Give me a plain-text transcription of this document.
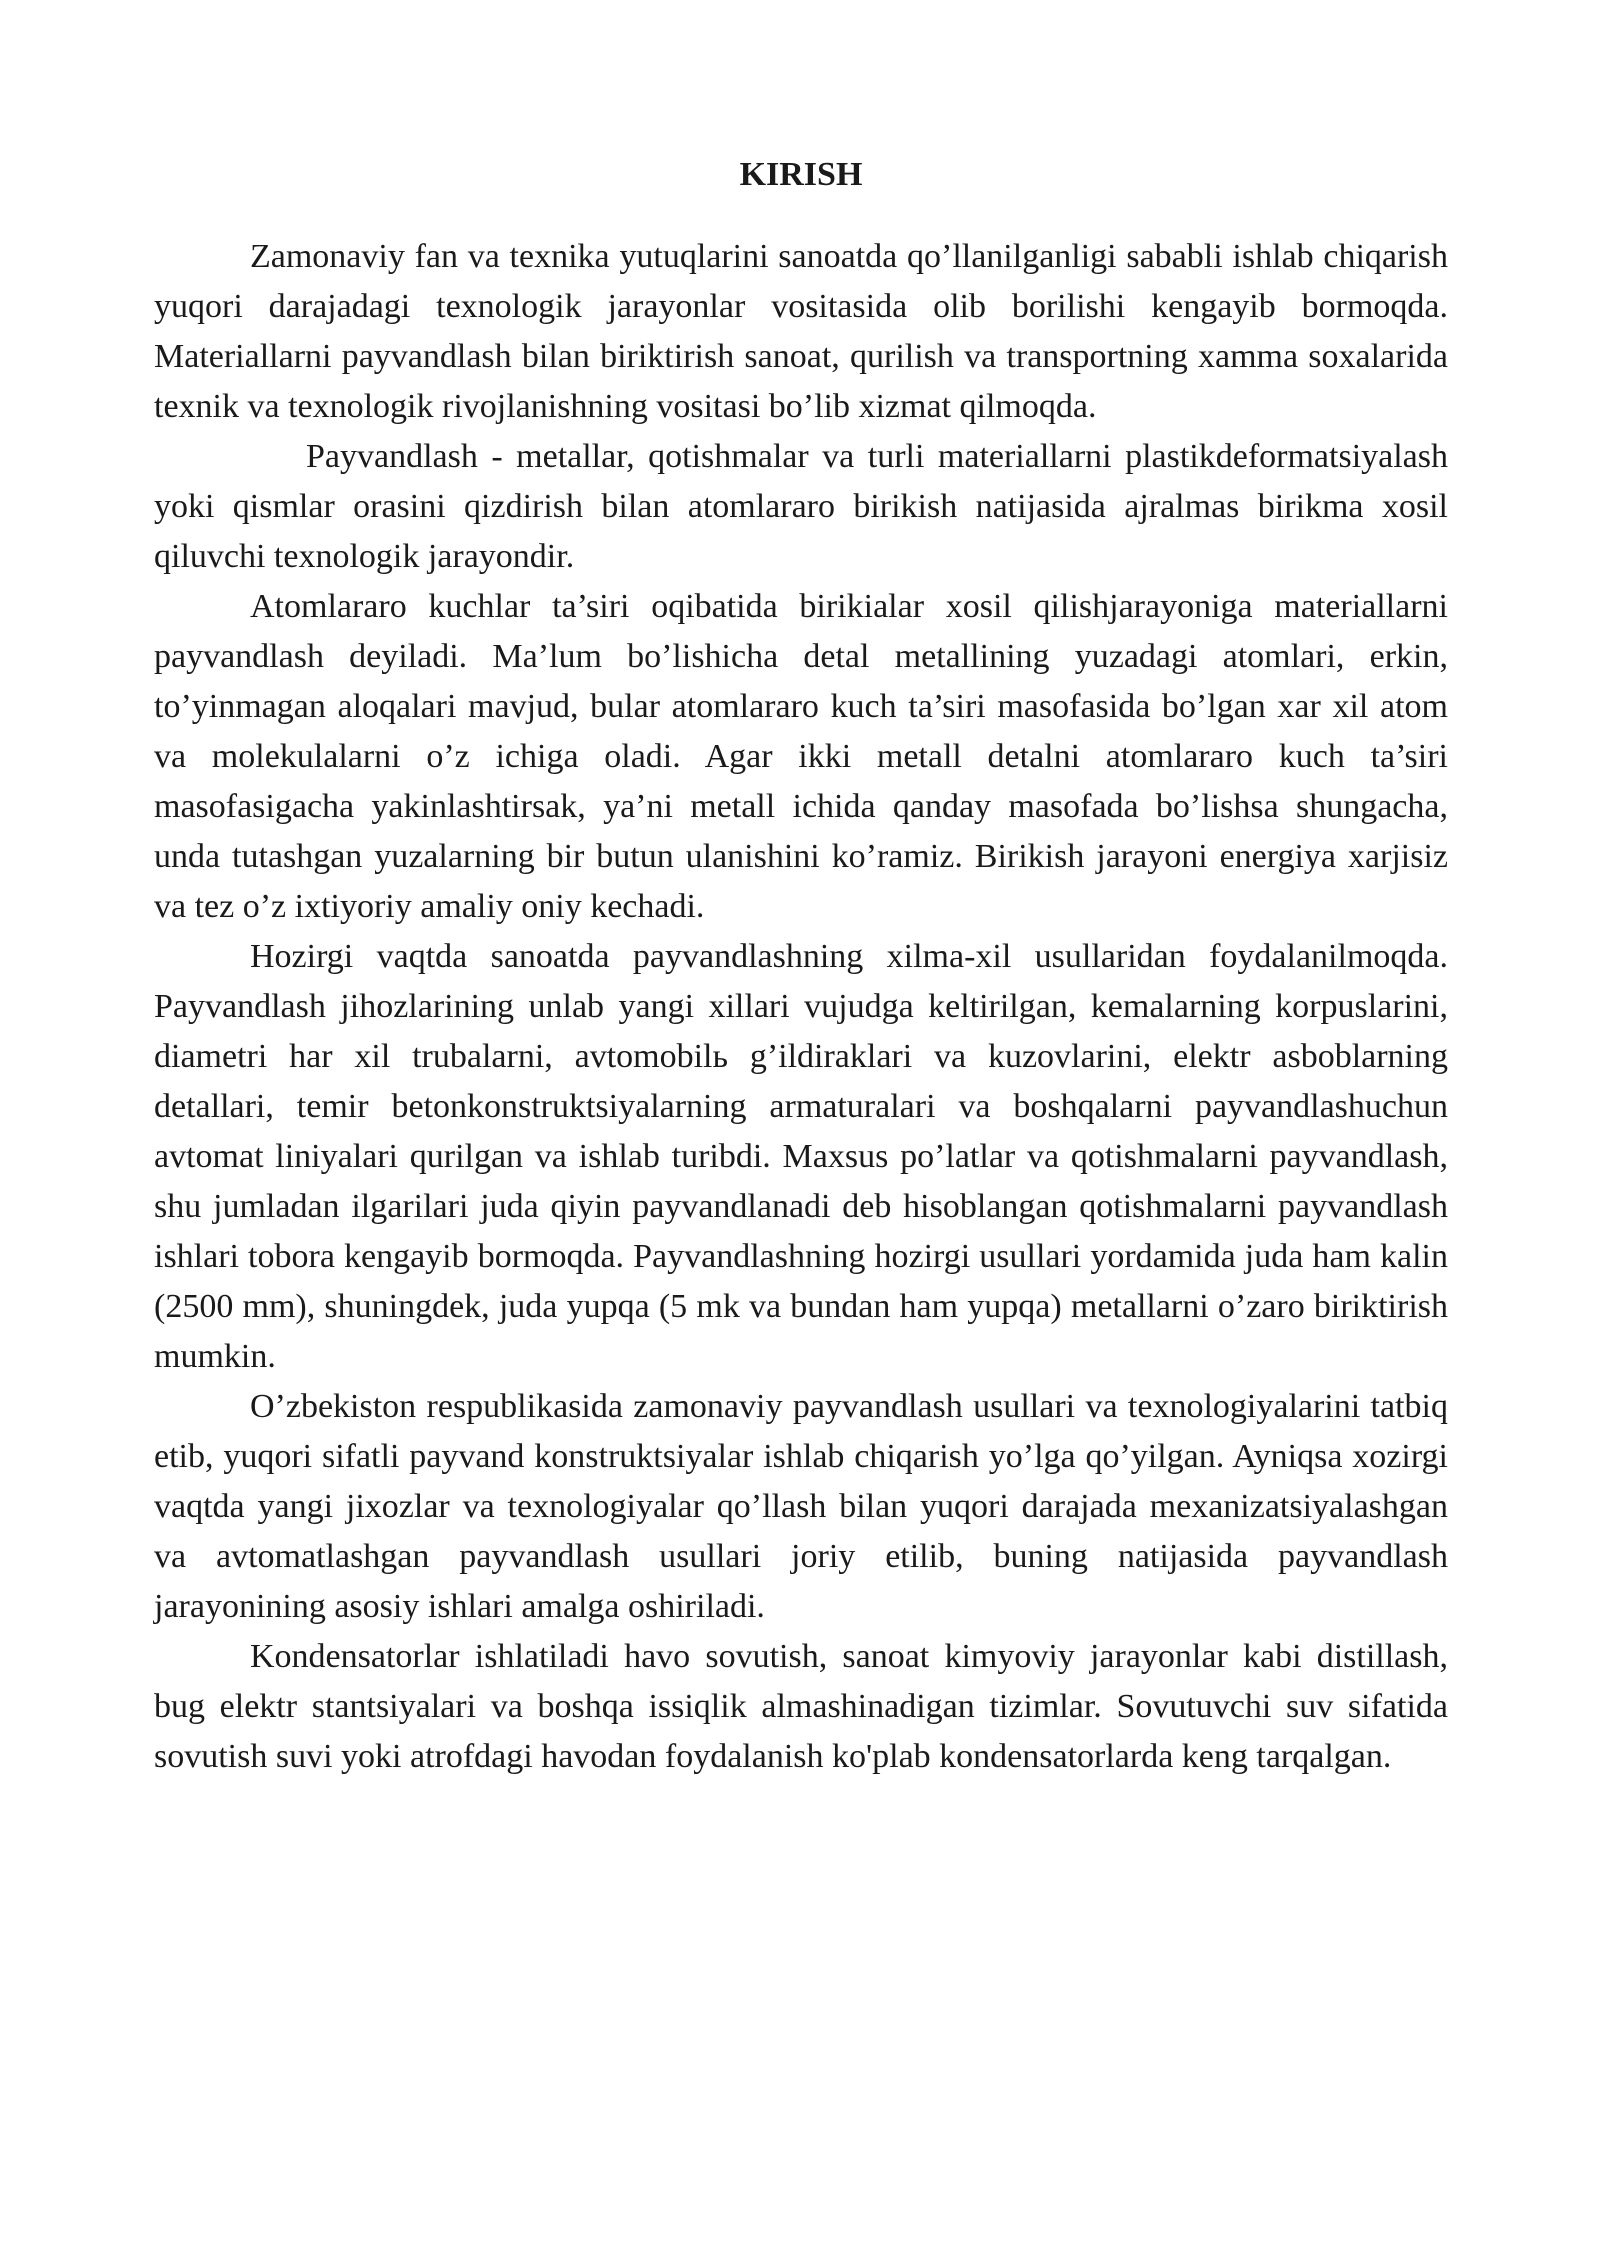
KIRISH

Zamonaviy fan va texnika yutuqlarini sanoatda qo’llanilganligi sababli ishlab chiqarish yuqori darajadagi texnologik jarayonlar vositasida olib borilishi kengayib bormoqda. Materiallarni payvandlash bilan biriktirish sanoat, qurilish va transportning xamma soxalarida texnik va texnologik rivojlanishning vositasi bo’lib xizmat qilmoqda.

Payvandlash - metallar, qotishmalar va turli materiallarni plastikdeformatsiyalash yoki qismlar orasini qizdirish bilan atomlararo birikish natijasida ajralmas birikma xosil qiluvchi texnologik jarayondir.

Atomlararo kuchlar ta’siri oqibatida birikialar xosil qilishjarayoniga materiallarni payvandlash deyiladi. Ma’lum bo’lishicha detal metallining yuzadagi atomlari, erkin, to’yinmagan aloqalari mavjud, bular atomlararo kuch ta’siri masofasida bo’lgan xar xil atom va molekulalarni o’z ichiga oladi. Agar ikki metall detalni atomlararo kuch ta’siri masofasigacha yakinlashtirsak, ya’ni metall ichida qanday masofada bo’lishsa shungacha, unda tutashgan yuzalarning bir butun ulanishini ko’ramiz. Birikish jarayoni energiya xarjisiz va tez o’z ixtiyoriy amaliy oniy kechadi.

Hozirgi vaqtda sanoatda payvandlashning xilma-xil usullaridan foydalanilmoqda. Payvandlash jihozlarining unlab yangi xillari vujudga keltirilgan, kemalarning korpuslarini, diametri har xil trubalarni, avtomobilь g’ildiraklari va kuzovlarini, elektr asboblarning detallari, temir betonkonstruktsiyalarning armaturalari va boshqalarni payvandlashuchun avtomat liniyalari qurilgan va ishlab turibdi. Maxsus po’latlar va qotishmalarni payvandlash, shu jumladan ilgarilari juda qiyin payvandlanadi deb hisoblangan qotishmalarni payvandlash ishlari tobora kengayib bormoqda. Payvandlashning hozirgi usullari yordamida juda ham kalin (2500 mm), shuningdek, juda yupqa (5 mk va bundan ham yupqa) metallarni o’zaro biriktirish mumkin.

O’zbekiston respublikasida zamonaviy payvandlash usullari va texnologiyalarini tatbiq etib, yuqori sifatli payvand konstruktsiyalar ishlab chiqarish yo’lga qo’yilgan. Ayniqsa xozirgi vaqtda yangi jixozlar va texnologiyalar qo’llash bilan yuqori darajada mexanizatsiyalashgan va avtomatlashgan payvandlash usullari joriy etilib, buning natijasida payvandlash jarayonining asosiy ishlari amalga oshiriladi.

Kondensatorlar ishlatiladi havo sovutish, sanoat kimyoviy jarayonlar kabi distillash, bug elektr stantsiyalari va boshqa issiqlik almashinadigan tizimlar. Sovutuvchi suv sifatida sovutish suvi yoki atrofdagi havodan foydalanish ko'plab kondensatorlarda keng tarqalgan.
